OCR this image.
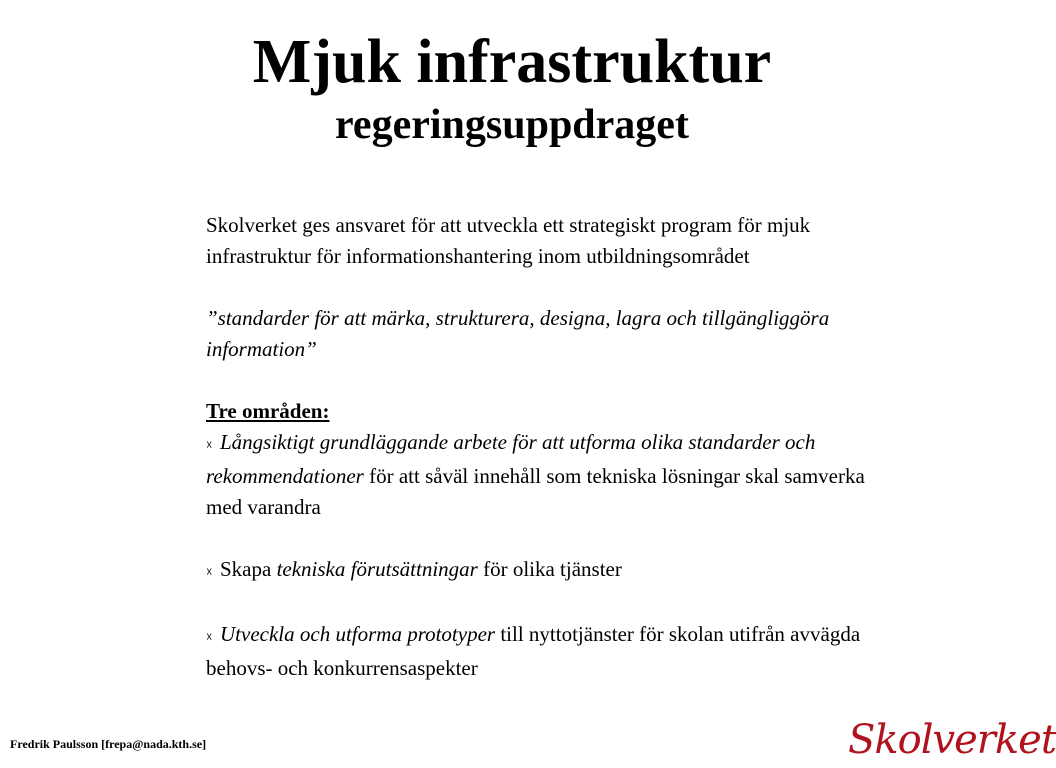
Mjuk infrastruktur
regeringsuppdraget

Skolverket ges ansvaret för att utveckla ett strategiskt program för mjuk infrastruktur för informationshantering inom utbildningsområdet

”standarder för att märka, strukturera, designa, lagra och tillgängliggöra information”

Tre områden:

☓ Långsiktigt grundläggande arbete för att utforma olika standarder och rekommendationer för att såväl innehåll som tekniska lösningar skal samverka med varandra

☓ Skapa tekniska förutsättningar för olika tjänster

☓ Utveckla och utforma prototyper till nyttotjänster för skolan utifrån avvägda behovs- och konkurrensaspekter

Fredrik Paulsson [frepa@nada.kth.se]	Skolverket
